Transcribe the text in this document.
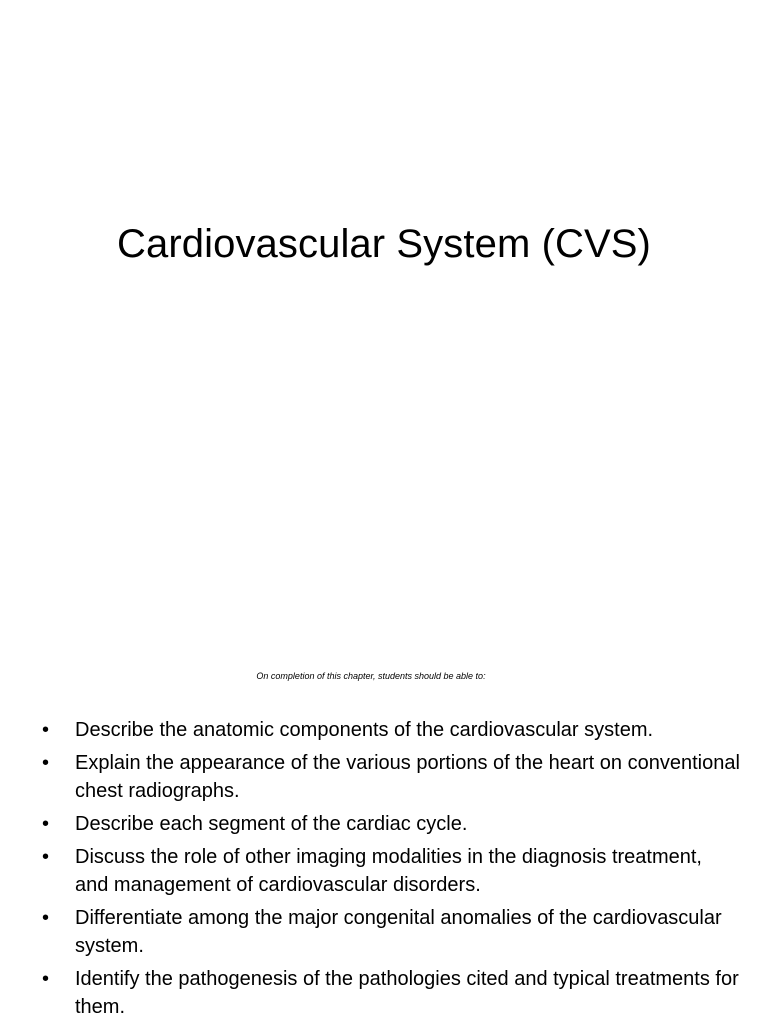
Cardiovascular System (CVS)
On completion of this chapter, students should be able to:
•	Describe the anatomic components of the cardiovascular system.
•	Explain the appearance of the various portions of the heart on conventional chest radiographs.
•	Describe each segment of the cardiac cycle.
•	Discuss the role of other imaging modalities in the diagnosis treatment, and management of cardiovascular disorders.
•	Differentiate among the major congenital anomalies of the cardiovascular system.
•	Identify the pathogenesis of the pathologies cited and typical treatments for them.
